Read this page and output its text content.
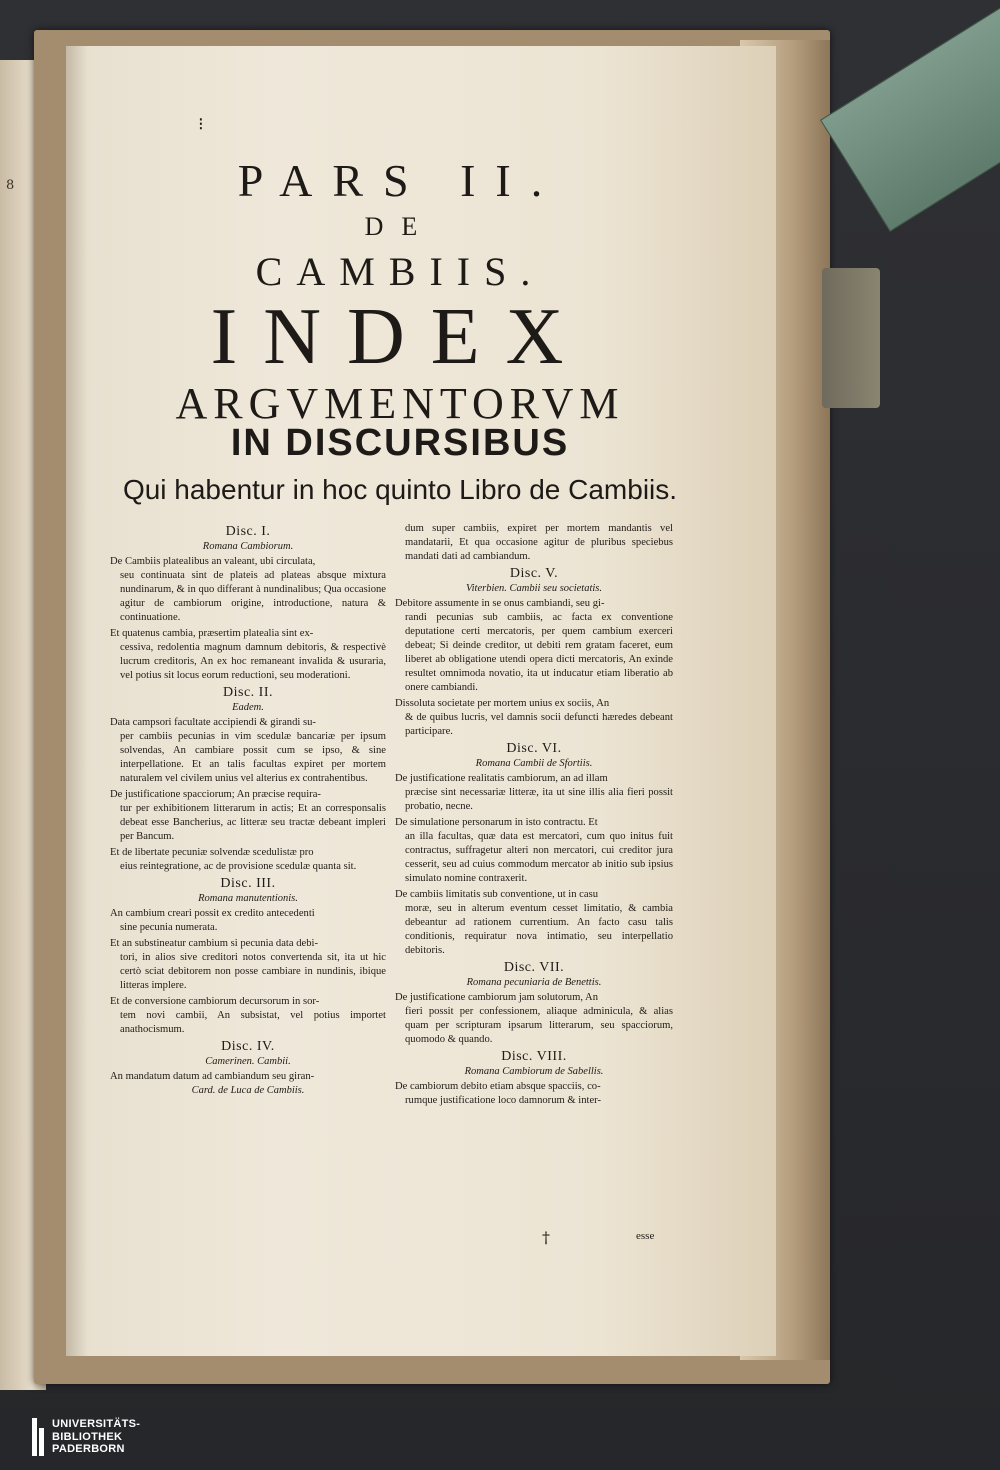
8
⁝
PARS II.
DE
CAMBIIS.
INDEX
ARGVMENTORVM
IN DISCURSIBUS
Qui habentur in hoc quinto Libro de Cambiis.
Disc. I.
Romana Cambiorum.

De Cambiis platealibus an valeant, ubi circulata,

seu continuata sint de plateis ad plateas absque mixtura nundinarum, & in quo differant à nundinalibus; Qua occasione agitur de cambiorum origine, introductione, natura & continuatione.

Et quatenus cambia, præsertim platealia sint ex-

cessiva, redolentia magnum damnum debitoris, & respectivè lucrum creditoris, An ex hoc remaneant invalida & usuraria, vel potius sit locus eorum reductioni, seu moderationi.

Disc. II.
Eadem.

Data campsori facultate accipiendi & girandi su-

per cambiis pecunias in vim scedulæ bancariæ per ipsum solvendas, An cambiare possit cum se ipso, & sine interpellatione. Et an talis facultas expiret per mortem naturalem vel civilem unius vel alterius ex contrahentibus.

De justificatione spacciorum; An præcise requira-

tur per exhibitionem litterarum in actis; Et an corresponsalis debeat esse Bancherius, ac litteræ seu tractæ debeant impleri per Bancum.

Et de libertate pecuniæ solvendæ scedulistæ pro

eius reintegratione, ac de provisione scedulæ quanta sit.

Disc. III.
Romana manutentionis.

An cambium creari possit ex credito antecedenti

sine pecunia numerata.

Et an substineatur cambium si pecunia data debi-

tori, in alios sive creditori notos convertenda sit, ita ut hic certò sciat debitorem non posse cambiare in nundinis, ibique litteras implere.

Et de conversione cambiorum decursorum in sor-

tem novi cambii, An subsistat, vel potius importet anathocismum.

Disc. IV.
Camerinen. Cambii.

An mandatum datum ad cambiandum seu giran-

Card. de Luca de Cambiis.

dum super cambiis, expiret per mortem mandantis vel mandatarii, Et qua occasione agitur de pluribus speciebus mandati dati ad cambiandum.

Disc. V.
Viterbien. Cambii seu societatis.

Debitore assumente in se onus cambiandi, seu gi-

randi pecunias sub cambiis, ac facta ex conventione deputatione certi mercatoris, per quem cambium exerceri debeat; Si deinde creditor, ut debiti rem gratam faceret, eum liberet ab obligatione utendi opera dicti mercatoris, An exinde resultet omnimoda novatio, ita ut inducatur etiam liberatio ab onere cambiandi.

Dissoluta societate per mortem unius ex sociis, An

& de quibus lucris, vel damnis socii defuncti hæredes debeant participare.

Disc. VI.
Romana Cambii de Sfortiis.

De justificatione realitatis cambiorum, an ad illam

præcise sint necessariæ litteræ, ita ut sine illis alia fieri possit probatio, necne.

De simulatione personarum in isto contractu. Et

an illa facultas, quæ data est mercatori, cum quo initus fuit contractus, suffragetur alteri non mercatori, cui creditor jura cesserit, seu ad cuius commodum mercator ab initio sub ipsius simulato nomine contraxerit.

De cambiis limitatis sub conventione, ut in casu

moræ, seu in alterum eventum cesset limitatio, & cambia debeantur ad rationem currentium. An facto casu talis conditionis, requiratur nova intimatio, seu interpellatio debitoris.

Disc. VII.
Romana pecuniaria de Benettis.

De justificatione cambiorum jam solutorum, An

fieri possit per confessionem, aliaque adminicula, & alias quam per scripturam ipsarum litterarum, seu spacciorum, quomodo & quando.

Disc. VIII.
Romana Cambiorum de Sabellis.

De cambiorum debito etiam absque spacciis, co-

rumque justificatione loco damnorum & inter-

†	esse
UNIVERSITÄTS-
BIBLIOTHEK
PADERBORN
